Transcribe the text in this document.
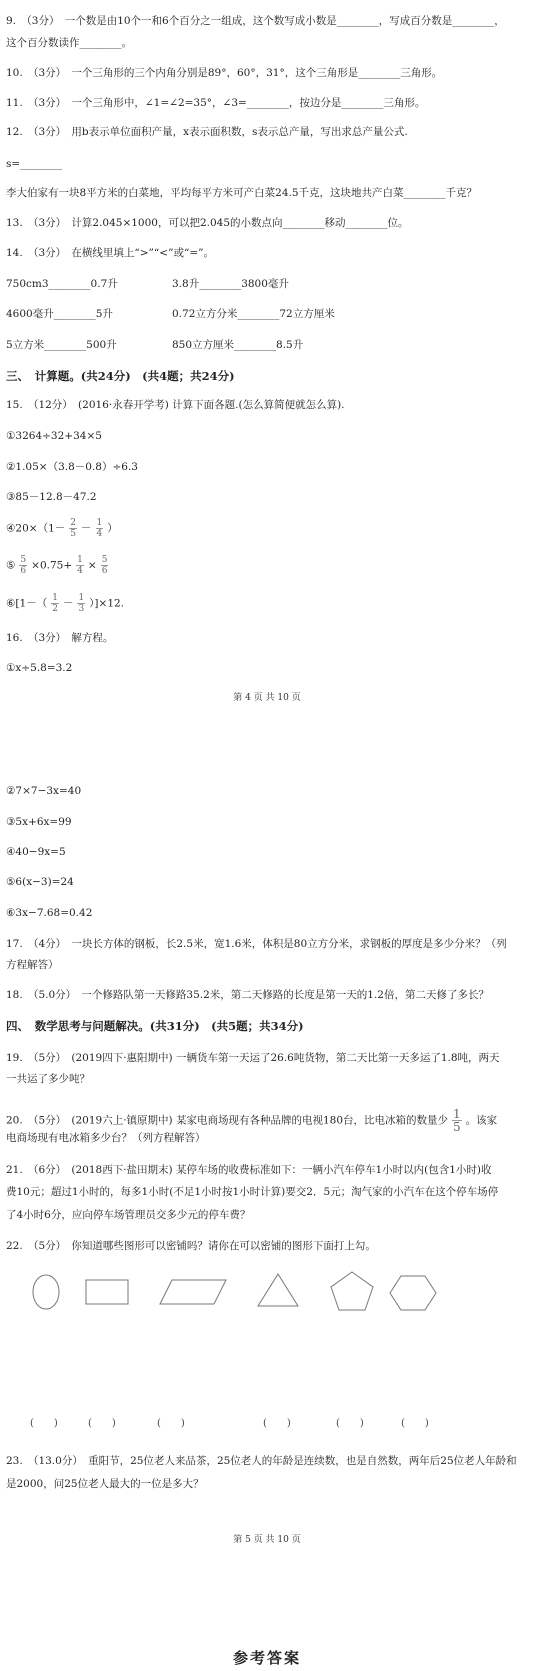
9.　（3分）　一个数是由10个一和6个百分之一组成，这个数写成小数是________，写成百分数是________，
这个百分数读作________。
10.　（3分）　一个三角形的三个内角分别是89°，60°，31°，这个三角形是________三角形。
11.　（3分）　一个三角形中，∠1=∠2=35°，∠3=________，按边分是________三角形。
12.　（3分）　用b表示单位面积产量，x表示面积数，s表示总产量，写出求总产量公式.
s=________
李大伯家有一块8平方米的白菜地，平均每平方米可产白菜24.5千克，这块地共产白菜________千克？
13.　（3分）　计算2.045×1000，可以把2.045的小数点向________移动________位。
14.　（3分）　在横线里填上“>”“<”或“=”。
750cm3________0.7升	3.8升________3800毫升
4600毫升________5升	0.72立方分米________72立方厘米
5立方米________500升	850立方厘米________8.5升
三、　计算题。(共24分)　(共4题；共24分)
15.　（12分）　(2016·永春开学考) 计算下面各题.(怎么算简便就怎么算).
①3264÷32+34×5
②1.05×（3.8－0.8）÷6.3
③85－12.8－47.2
④20×（1－ $\frac{2}{5} - \frac{1}{4}$ ）
⑤ $\frac{5}{6} \times 0.75+ \frac{1}{4} \times \frac{5}{6}$
⑥[1－（ $\frac{1}{2} - \frac{1}{3} )]\times 12$.
16.　（3分）　解方程。
①x÷5.8=3.2
第 4 页 共 10 页
②7×7−3x=40
③5x+6x=99
④40−9x=5
⑤6(x−3)=24
⑥3x−7.68=0.42
17.　（4分）　一块长方体的钢板，长2.5米，宽1.6米，体积是80立方分米，求钢板的厚度是多少分米？（列
方程解答）
18.　（5.0分）　一个修路队第一天修路35.2米，第二天修路的长度是第一天的1.2倍，第二天修了多长？
四、　数学思考与问题解决。(共31分)　(共5题；共34分)
19.　（5分）　(2019四下·惠阳期中) 一辆货车第一天运了26.6吨货物，第二天比第一天多运了1.8吨，两天
一共运了多少吨？
20.　（5分）　(2019六上·镇原期中) 某家电商场现有各种品牌的电视180台，比电冰箱的数量少 $\frac{1}{5}$ 。该家
电商场现有电冰箱多少台？（列方程解答）
21.　（6分）　(2018西下·盐田期末) 某停车场的收费标准如下：一辆小汽车停车1小时以内(包含1小时)收
费10元；超过1小时的，每多1小时(不足1小时按1小时计算)要交2．5元；淘气家的小汽车在这个停车场停
了4小时6分，应向停车场管理员交多少元的停车费？
22.　（5分）　你知道哪些图形可以密铺吗？请你在可以密铺的图形下面打上勾。
(　　)	(　　)	(　　)	(　　)	(　　)	(　　)
23.　（13.0分）　重阳节，25位老人来品茶，25位老人的年龄是连续数，也是自然数，两年后25位老人年龄和
是2000，问25位老人最大的一位是多大？
第 5 页 共 10 页
参考答案
